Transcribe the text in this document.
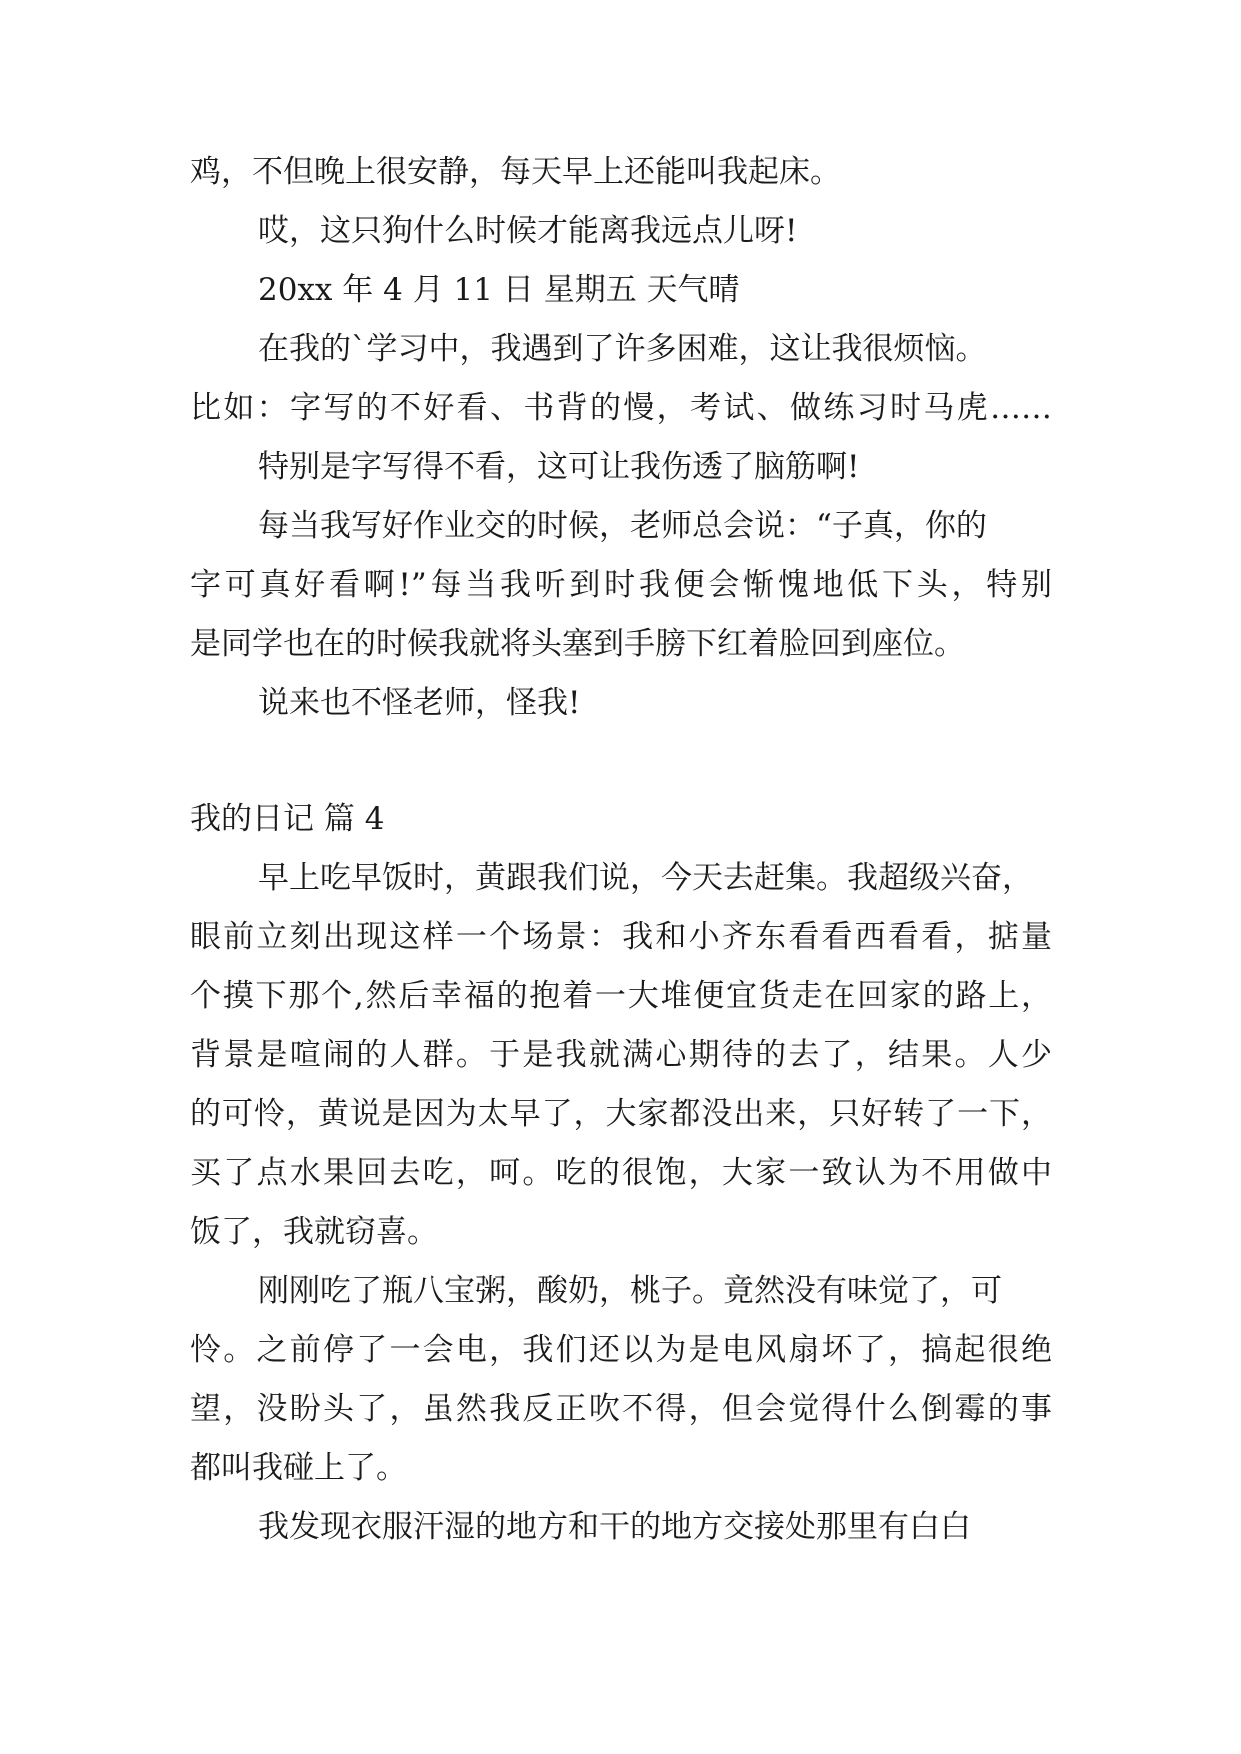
鸡，不但晚上很安静，每天早上还能叫我起床。
哎，这只狗什么时候才能离我远点儿呀!
20xx 年 4 月 11 日 星期五 天气晴
在我的`学习中，我遇到了许多困难，这让我很烦恼。
比如：字写的不好看、书背的慢，考试、做练习时马虎……
特别是字写得不看，这可让我伤透了脑筋啊!
每当我写好作业交的时候，老师总会说：“子真，你的
字可真好看啊!”每当我听到时我便会惭愧地低下头，特别
是同学也在的时候我就将头塞到手膀下红着脸回到座位。
说来也不怪老师，怪我!
我的日记 篇 4
早上吃早饭时，黄跟我们说，今天去赶集。我超级兴奋，
眼前立刻出现这样一个场景：我和小齐东看看西看看，掂量
个摸下那个,然后幸福的抱着一大堆便宜货走在回家的路上，
背景是喧闹的人群。于是我就满心期待的去了，结果。人少
的可怜，黄说是因为太早了，大家都没出来，只好转了一下，
买了点水果回去吃，呵。吃的很饱，大家一致认为不用做中
饭了，我就窃喜。
刚刚吃了瓶八宝粥，酸奶，桃子。竟然没有味觉了，可
怜。之前停了一会电，我们还以为是电风扇坏了，搞起很绝
望，没盼头了，虽然我反正吹不得，但会觉得什么倒霉的事
都叫我碰上了。
我发现衣服汗湿的地方和干的地方交接处那里有白白
